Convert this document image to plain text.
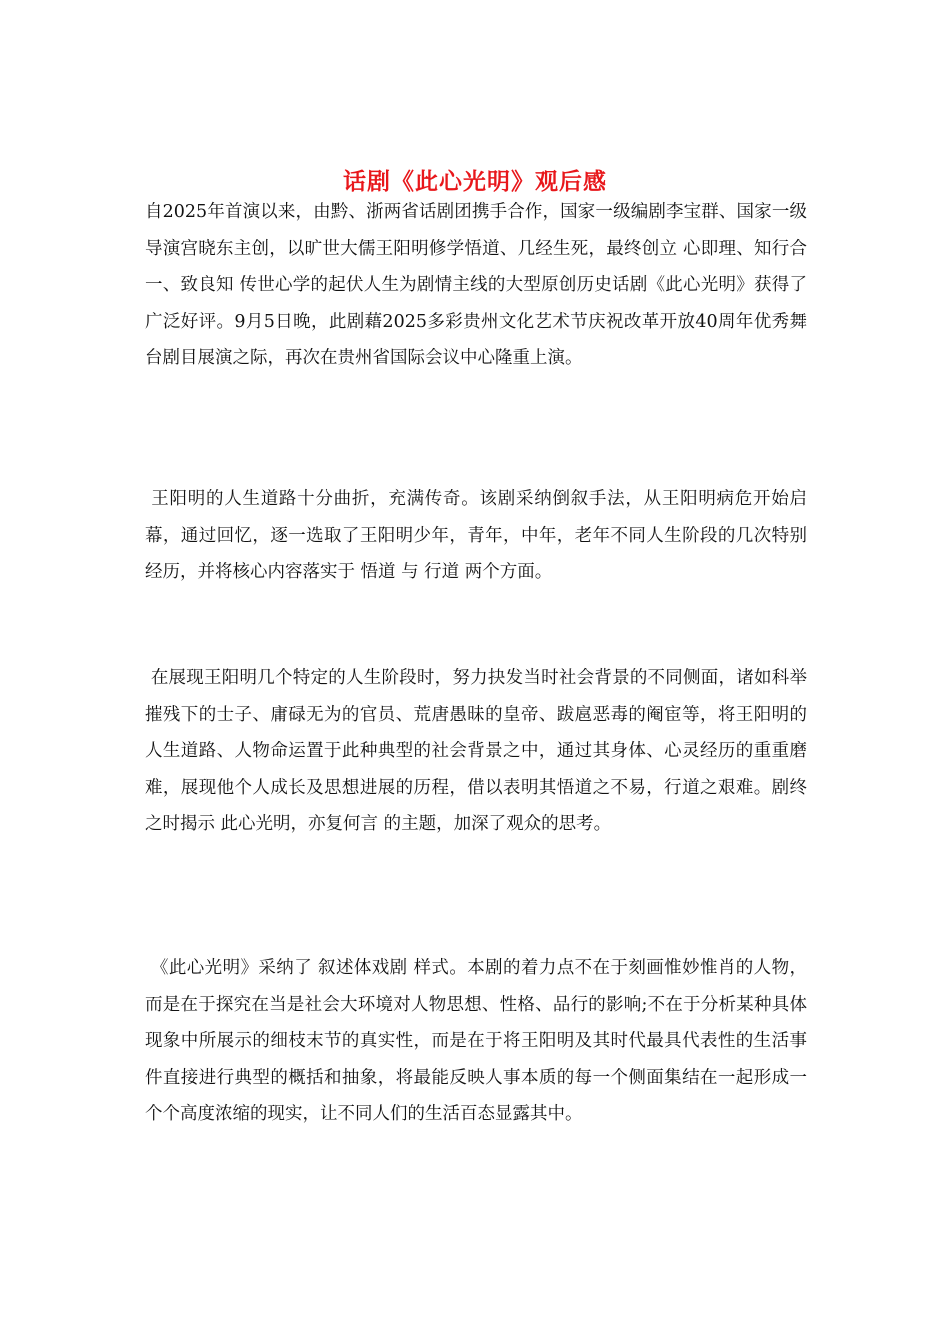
话剧《此心光明》观后感

自2025年首演以来，由黔、浙两省话剧团携手合作，国家一级编剧李宝群、国家一级导演宫晓东主创，以旷世大儒王阳明修学悟道、几经生死，最终创立 心即理、知行合一、致良知 传世心学的起伏人生为剧情主线的大型原创历史话剧《此心光明》获得了广泛好评。9月5日晚，此剧藉2025多彩贵州文化艺术节庆祝改革开放40周年优秀舞台剧目展演之际，再次在贵州省国际会议中心隆重上演。

王阳明的人生道路十分曲折，充满传奇。该剧采纳倒叙手法，从王阳明病危开始启幕，通过回忆，逐一选取了王阳明少年，青年，中年，老年不同人生阶段的几次特别经历，并将核心内容落实于 悟道 与 行道 两个方面。

在展现王阳明几个特定的人生阶段时，努力抉发当时社会背景的不同侧面，诸如科举摧残下的士子、庸碌无为的官员、荒唐愚昧的皇帝、跋扈恶毒的阉宦等，将王阳明的人生道路、人物命运置于此种典型的社会背景之中，通过其身体、心灵经历的重重磨难，展现他个人成长及思想进展的历程，借以表明其悟道之不易，行道之艰难。剧终之时揭示 此心光明，亦复何言 的主题，加深了观众的思考。

《此心光明》采纳了 叙述体戏剧 样式。本剧的着力点不在于刻画惟妙惟肖的人物，而是在于探究在当是社会大环境对人物思想、性格、品行的影响;不在于分析某种具体现象中所展示的细枝末节的真实性，而是在于将王阳明及其时代最具代表性的生活事件直接进行典型的概括和抽象，将最能反映人事本质的每一个侧面集结在一起形成一个个高度浓缩的现实，让不同人们的生活百态显露其中。
